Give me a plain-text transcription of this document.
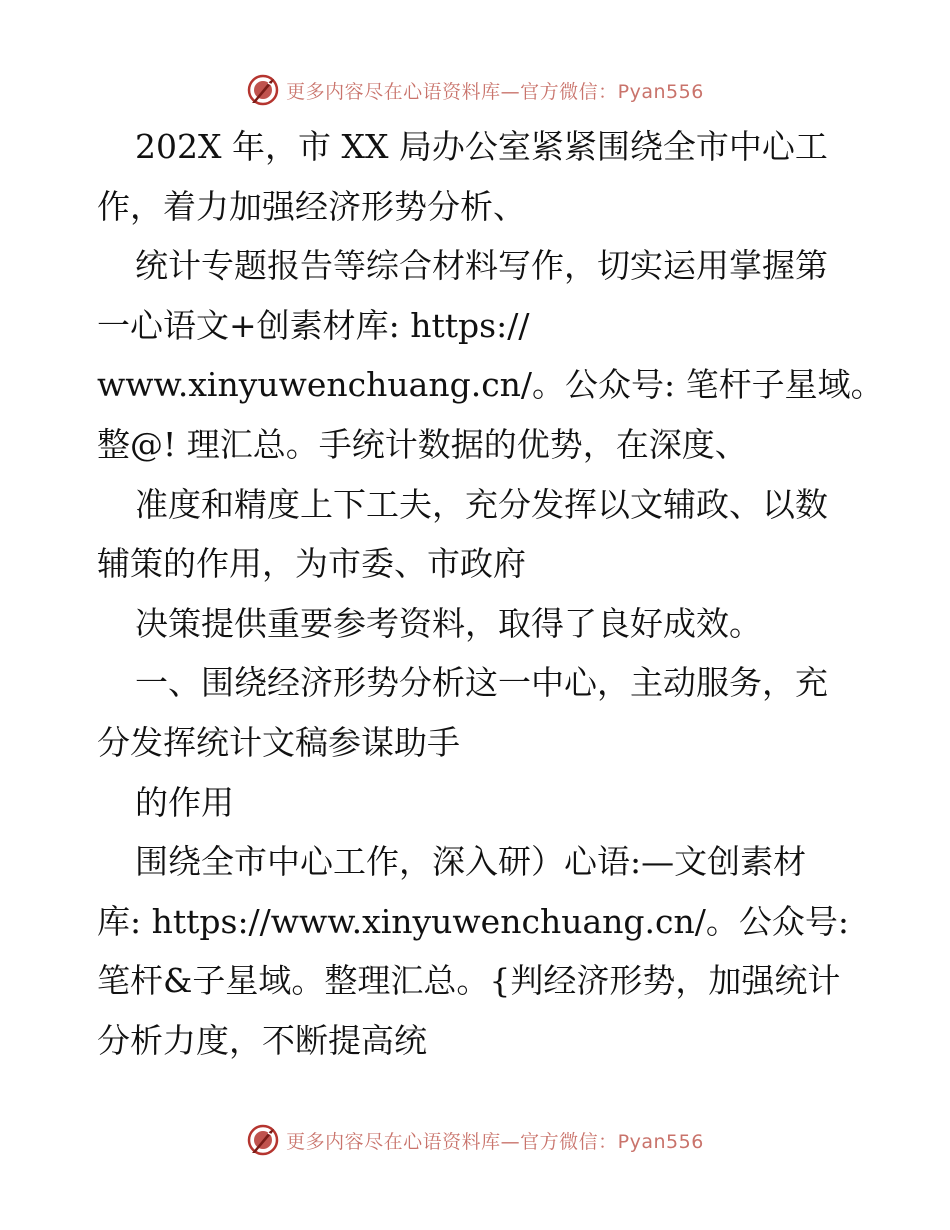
更多内容尽在心语资料库—官方微信：Pyan556
202X 年，市 XX 局办公室紧紧围绕全市中心工
作，着力加强经济形势分析、
统计专题报告等综合材料写作，切实运用掌握第
一心语文+创素材库: https://
www.xinyuwenchuang.cn/。公众号: 笔杆子星域。
整@! 理汇总。手统计数据的优势，在深度、
准度和精度上下工夫，充分发挥以文辅政、以数
辅策的作用，为市委、市政府
决策提供重要参考资料，取得了良好成效。
一、围绕经济形势分析这一中心，主动服务，充
分发挥统计文稿参谋助手
的作用
围绕全市中心工作，深入研）心语:—文创素材
库: https://www.xinyuwenchuang.cn/。公众号:
笔杆&子星域。整理汇总。{判经济形势，加强统计
分析力度，不断提高统
更多内容尽在心语资料库—官方微信：Pyan556
